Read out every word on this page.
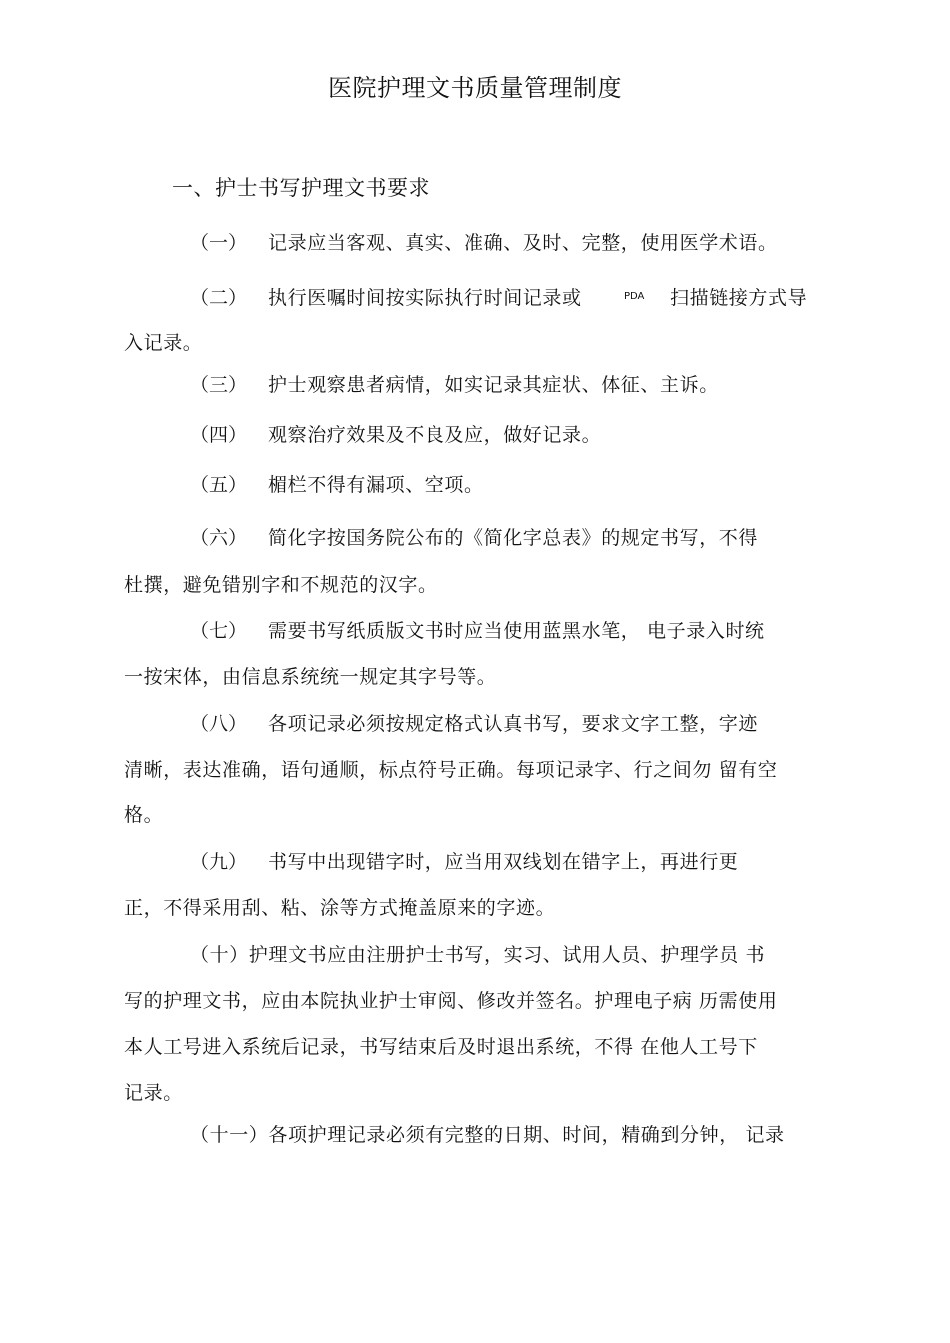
医院护理文书质量管理制度
一、护士书写护理文书要求
（一） 记录应当客观、真实、准确、及时、完整，使用医学术语。
（二） 执行医嘱时间按实际执行时间记录或	PDA 扫描链接方式导
入记录。
（三） 护士观察患者病情，如实记录其症状、体征、主诉。
（四） 观察治疗效果及不良及应，做好记录。
（五） 楣栏不得有漏项、空项。
（六） 简化字按国务院公布的《简化字总表》的规定书写，不得
杜撰，避免错别字和不规范的汉字。
（七） 需要书写纸质版文书时应当使用蓝黑水笔， 电子录入时统
一按宋体，由信息系统统一规定其字号等。
（八） 各项记录必须按规定格式认真书写，要求文字工整，字迹
清晰，表达准确，语句通顺，标点符号正确。每项记录字、行之间勿 留有空
格。
（九） 书写中出现错字时，应当用双线划在错字上，再进行更
正，不得采用刮、粘、涂等方式掩盖原来的字迹。
（十）护理文书应由注册护士书写，实习、试用人员、护理学员 书
写的护理文书，应由本院执业护士审阅、修改并签名。护理电子病 历需使用
本人工号进入系统后记录，书写结束后及时退出系统，不得 在他人工号下
记录。
（十一）各项护理记录必须有完整的日期、时间，精确到分钟， 记录
